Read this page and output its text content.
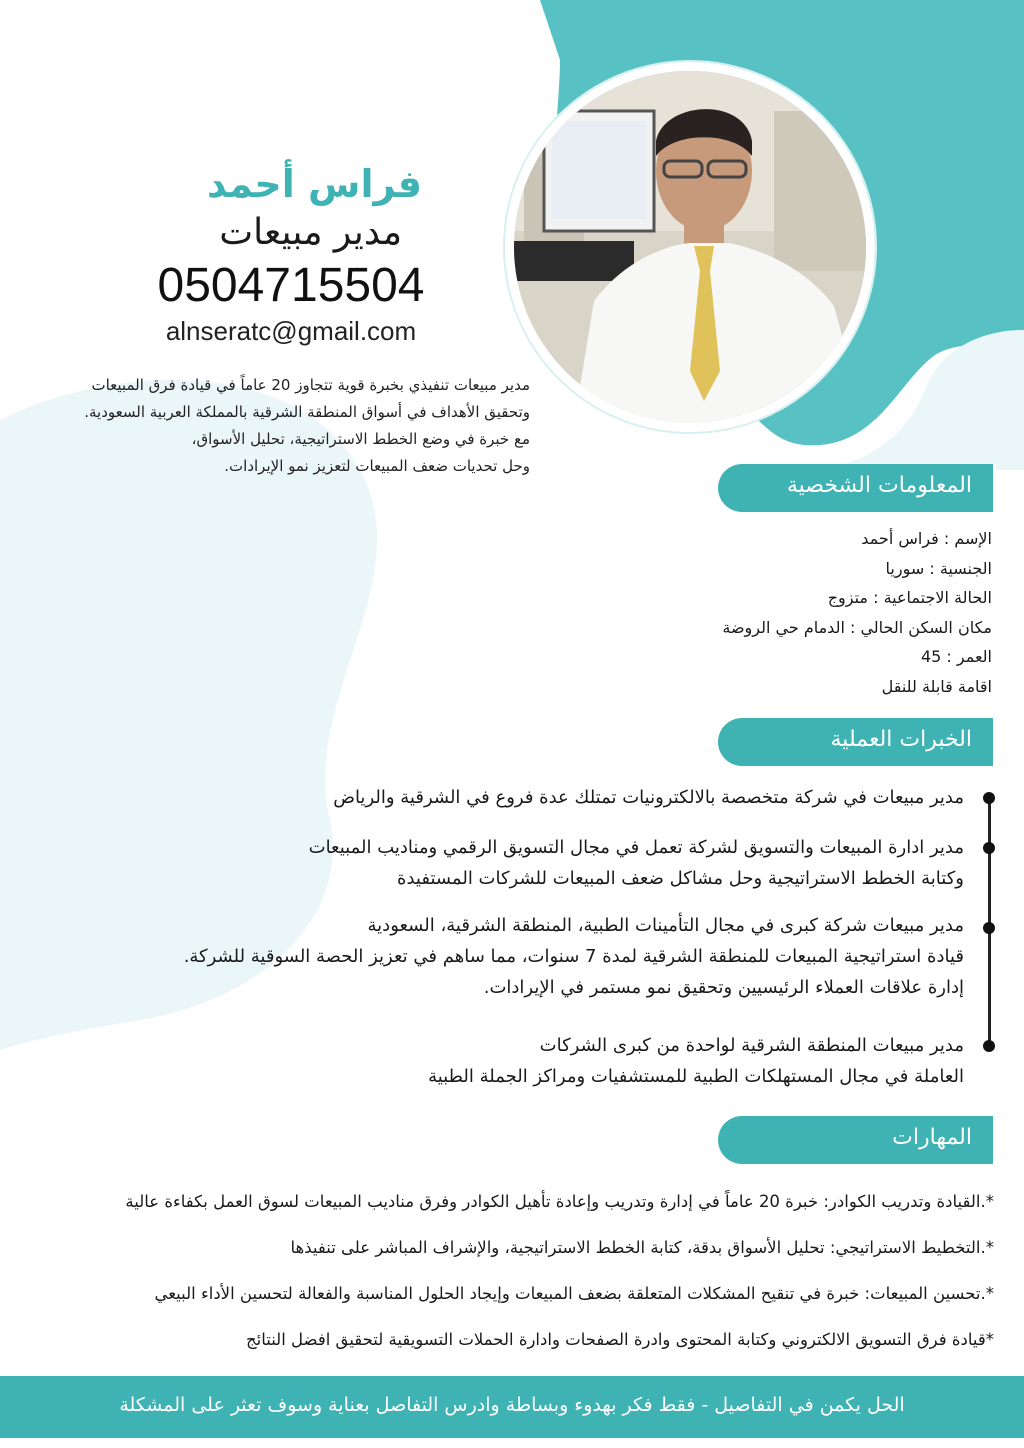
فراس أحمد
مدير مبيعات
0504715504
alnseratc@gmail.com
مدير مبيعات تنفيذي بخبرة قوية تتجاوز 20 عاماً في قيادة فرق المبيعات
وتحقيق الأهداف في أسواق المنطقة الشرقية بالمملكة العربية السعودية.
مع خبرة في وضع الخطط الاستراتيجية، تحليل الأسواق،
وحل تحديات ضعف المبيعات لتعزيز نمو الإيرادات.
المعلومات الشخصية
الإسم : فراس أحمد
الجنسية : سوريا
الحالة الاجتماعية : متزوج
مكان السكن الحالي : الدمام حي الروضة
العمر : 45
اقامة قابلة للنقل
الخبرات العملية
مدير مبيعات في شركة متخصصة بالالكترونيات تمتلك عدة فروع في الشرقية والرياض
مدير ادارة المبيعات والتسويق لشركة تعمل في مجال التسويق الرقمي ومناديب المبيعات
وكتابة الخطط الاستراتيجية وحل مشاكل ضعف المبيعات للشركات المستفيدة
مدير مبيعات شركة كبرى في مجال التأمينات الطبية، المنطقة الشرقية، السعودية
قيادة استراتيجية المبيعات للمنطقة الشرقية لمدة 7 سنوات، مما ساهم في تعزيز الحصة السوقية للشركة.
إدارة علاقات العملاء الرئيسيين وتحقيق نمو مستمر في الإيرادات.
مدير مبيعات المنطقة الشرقية لواحدة من كبرى الشركات
العاملة في مجال المستهلكات الطبية للمستشفيات ومراكز الجملة الطبية
المهارات
*.القيادة وتدريب الكوادر: خبرة 20 عاماً في إدارة وتدريب وإعادة تأهيل الكوادر وفرق مناديب المبيعات لسوق العمل بكفاءة عالية
*.التخطيط الاستراتيجي: تحليل الأسواق بدقة، كتابة الخطط الاستراتيجية، والإشراف المباشر على تنفيذها
*.تحسين المبيعات: خبرة في تنقيح المشكلات المتعلقة بضعف المبيعات وإيجاد الحلول المناسبة والفعالة لتحسين الأداء البيعي
*قيادة فرق التسويق الالكتروني وكتابة المحتوى وادرة الصفحات وادارة الحملات التسويقية لتحقيق افضل النتائج
الحل يكمن في التفاصيل - فقط فكر بهدوء وبساطة وادرس التفاصل بعناية وسوف تعثر على المشكلة
